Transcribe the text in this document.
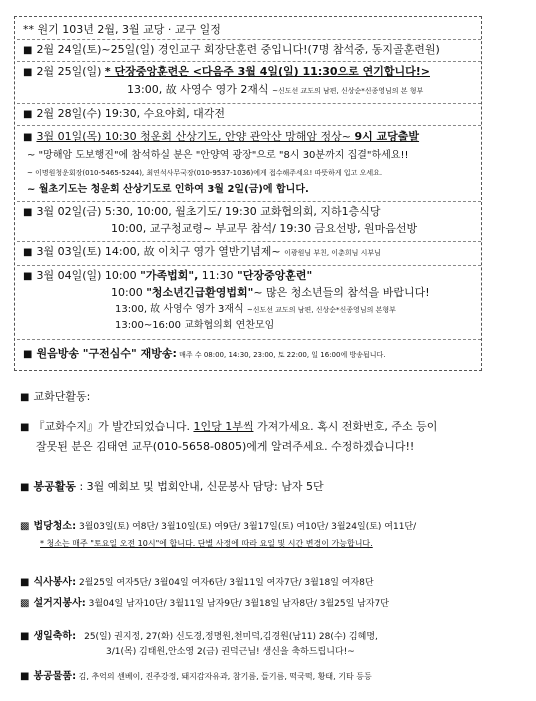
** 원기 103년 2월, 3월 교당 · 교구 일정
■ 2월 24일(토)~25일(일) 경인교구 회장단훈련 중입니다!(7명 참석중, 동지골훈련원)
■ 2월 25일(일) * 단장중앙훈련은 <다음주 3월 4일(일) 11:30으로 연기합니다!>
13:00, 故 사영수 영가 2재식 ~신도선 교도의 남편, 신상순*신종영님의 본 형부
■ 2월 28일(수) 19:30, 수요야회, 대각전
■ 3월 01일(목) 10:30 청운회 산상기도, 안양 관악산 망해암 정상~ 9시 교당출발
~ "망해암 도보행진"에 참석하실 분은 "안양역 광장"으로 "8시 30분까지 집결"하세요!!
~ 이명원청운회장(010-5465-5244), 최연석사무국장(010-9537-1036)에게 접수해주세요! 따뜻하게 입고 오세요.
~ 월초기도는 청운회 산상기도로 인하여 3월 2일(금)에 합니다.
■ 3월 02일(금) 5:30, 10:00, 월초기도/ 19:30 교화협의회, 지하1층식당
10:00, 교구청교령~ 부교무 참석/ 19:30 금요선방, 원마음선방
■ 3월 03일(토) 14:00, 故 이치구 영가 열반기념제~ 이광원님 부친, 이춘희님 시부님
■ 3월 04일(일) 10:00 "가족법회", 11:30 "단장중앙훈련"
10:00 "청소년긴급환영법회"~ 많은 청소년들의 참석을 바랍니다!
13:00, 故 사영수 영가 3재식 ~신도선 교도의 남편, 신상순*신종영님의 본형부
13:00~16:00 교화협의회 연찬모임
■ 원음방송 "구전심수" 재방송: 매주 수 08:00, 14:30, 23:00, 토 22:00, 일 16:00에 방송됩니다.
■ 교화단활동:
■ 『교화수지』가 발간되었습니다. 1인당 1부씩 가져가세요. 혹시 전화번호, 주소 등이
잘못된 분은 김태연 교무(010-5658-0805)에게 알려주세요. 수정하겠습니다!!
■ 봉공활동 : 3월 예회보 및 법회안내, 신문봉사 담당: 남자 5단
▩ 법당청소: 3월03일(토) 여8단/ 3월10일(토) 여9단/ 3월17일(토) 여10단/ 3월24일(토) 여11단/
* 청소는 매주 "토요일 오전 10시"에 합니다. 단별 사정에 따라 요일 및 시간 변경이 가능합니다.
■ 식사봉사: 2월25일 여자5단/ 3월04일 여자6단/ 3월11일 여자7단/ 3월18일 여자8단
▩ 설거지봉사: 3월04일 남자10단/ 3월11일 남자9단/ 3월18일 남자8단/ 3월25일 남자7단
■ 생일축하: 25(일) 권지정, 27(화) 신도경,정명원,천미덕,김경원(남11) 28(수) 김혜명,
3/1(목) 김태원,안소영 2(금) 권덕근님! 생신을 축하드립니다!~
■ 봉공물품: 김, 추억의 센베이, 진주강정, 돼지감자유과, 참기름, 들기름, 떡국떡, 황태, 기타 등등
